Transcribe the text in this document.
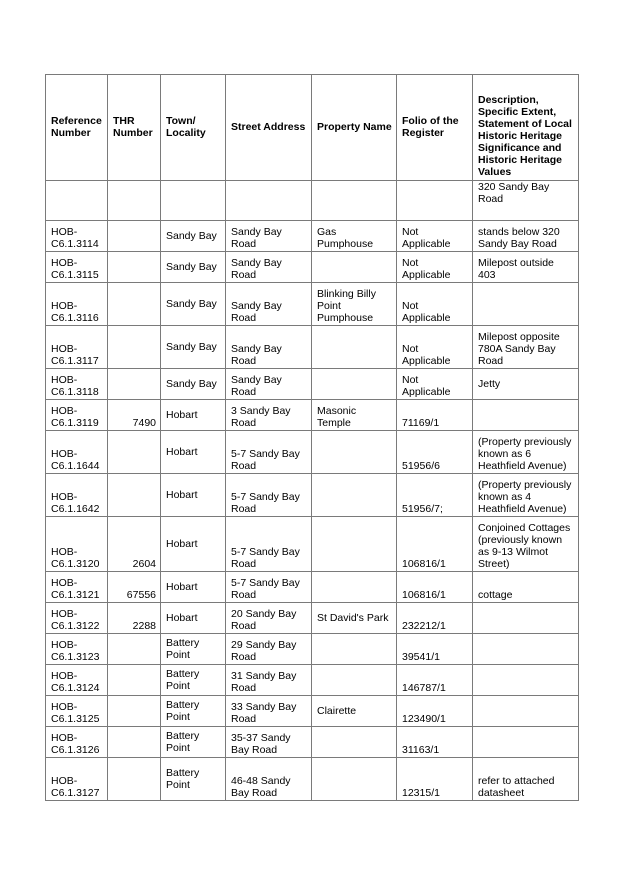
Reference Number	THR Number	Town/ Locality	Street Address	Property Name	Folio of the Register	Description, Specific Extent, Statement of Local Historic Heritage Significance and Historic Heritage Values
						320 Sandy Bay Road
HOB-C6.1.3114		Sandy Bay	Sandy Bay Road	Gas Pumphouse	Not Applicable	stands below 320 Sandy Bay Road
HOB-C6.1.3115		Sandy Bay	Sandy Bay Road		Not Applicable	Milepost outside 403
HOB-C6.1.3116		Sandy Bay	Sandy Bay Road	Blinking Billy Point Pumphouse	Not Applicable	
HOB-C6.1.3117		Sandy Bay	Sandy Bay Road		Not Applicable	Milepost opposite 780A Sandy Bay Road
HOB-C6.1.3118		Sandy Bay	Sandy Bay Road		Not Applicable	Jetty
HOB-C6.1.3119	7490	Hobart	3 Sandy Bay Road	Masonic Temple	71169/1	
HOB-C6.1.1644		Hobart	5-7 Sandy Bay Road		51956/6	(Property previously known as 6 Heathfield Avenue)
HOB-C6.1.1642		Hobart	5-7 Sandy Bay Road		51956/7;	(Property previously known as 4 Heathfield Avenue)
HOB-C6.1.3120	2604	Hobart	5-7 Sandy Bay Road		106816/1	Conjoined Cottages (previously known as 9-13 Wilmot Street)
HOB-C6.1.3121	67556	Hobart	5-7 Sandy Bay Road		106816/1	cottage
HOB-C6.1.3122	2288	Hobart	20 Sandy Bay Road	St David's Park	232212/1	
HOB-C6.1.3123		Battery Point	29 Sandy Bay Road		39541/1	
HOB-C6.1.3124		Battery Point	31 Sandy Bay Road		146787/1	
HOB-C6.1.3125		Battery Point	33 Sandy Bay Road	Clairette	123490/1	
HOB-C6.1.3126		Battery Point	35-37 Sandy Bay Road		31163/1	
HOB-C6.1.3127		Battery Point	46-48 Sandy Bay Road		12315/1	refer to attached datasheet
